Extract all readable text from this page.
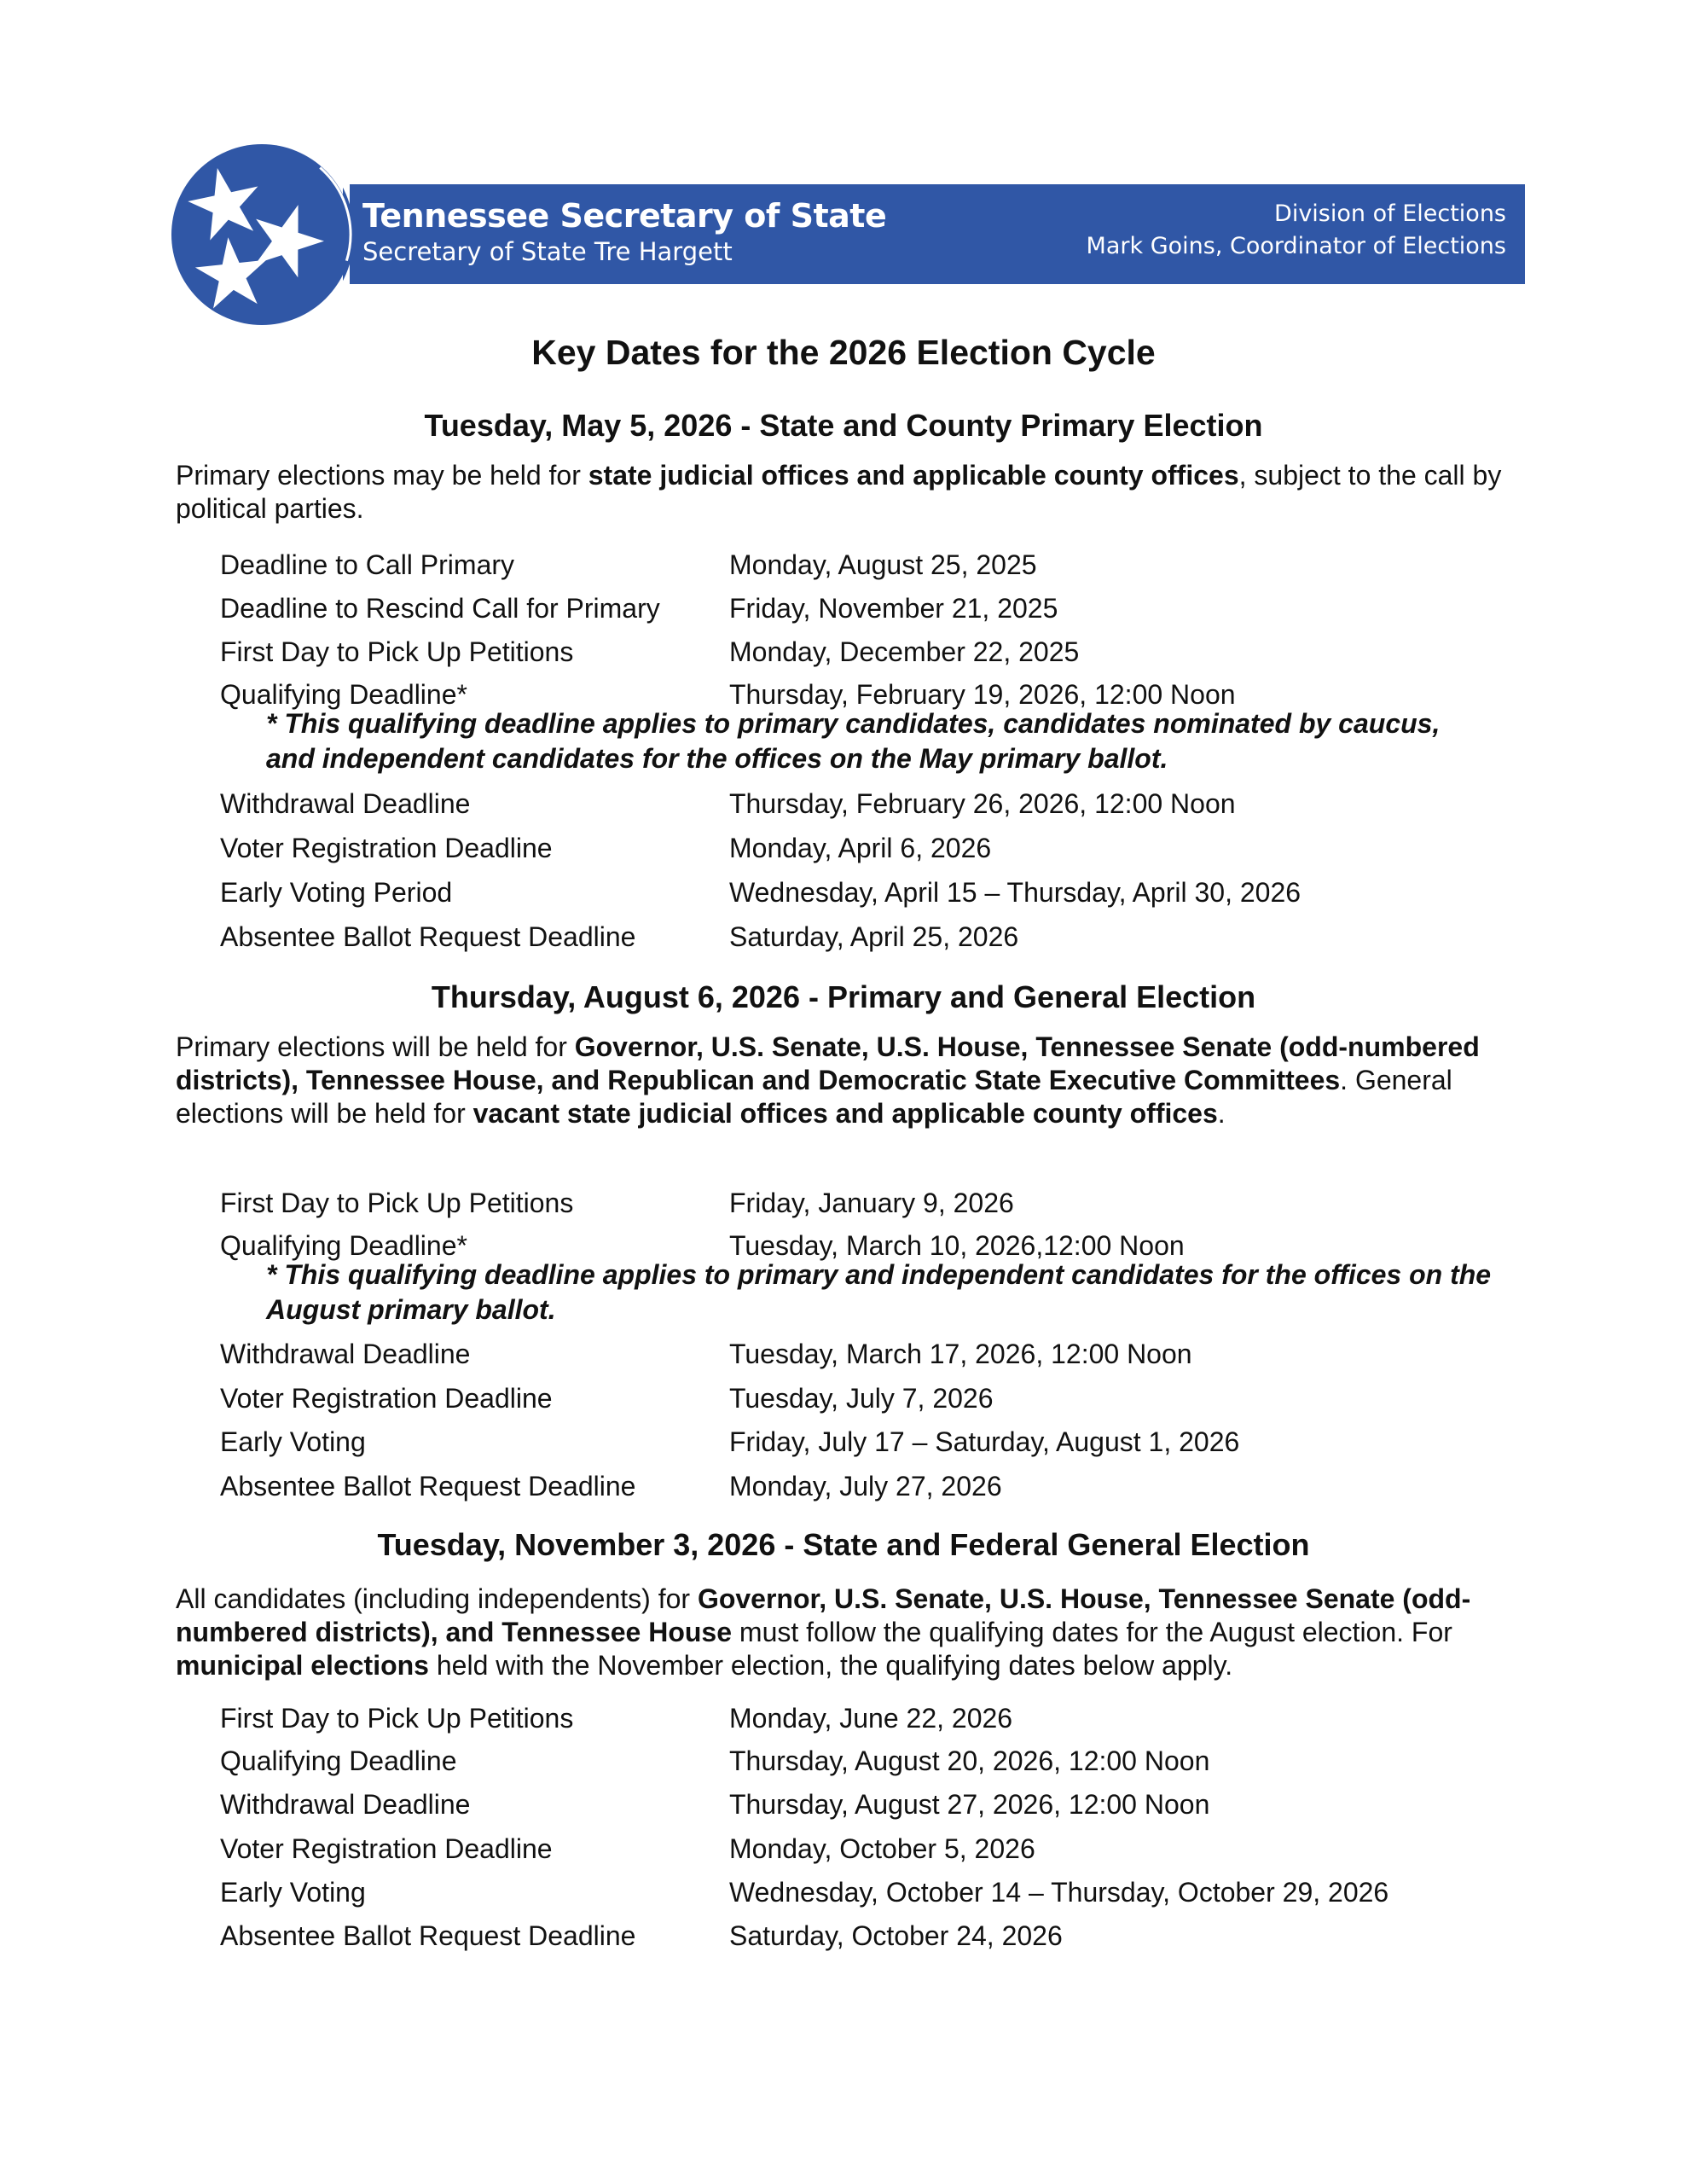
Tennessee Secretary of State
Secretary of State Tre Hargett
Division of Elections
Mark Goins, Coordinator of Elections
Key Dates for the 2026 Election Cycle
Tuesday, May 5, 2026 - State and County Primary Election
Primary elections may be held for state judicial offices and applicable county offices, subject to the call by political parties.
Deadline to Call Primary	Monday, August 25, 2025
Deadline to Rescind Call for Primary	Friday, November 21, 2025
First Day to Pick Up Petitions	Monday, December 22, 2025
Qualifying Deadline*	Thursday, February 19, 2026, 12:00 Noon
Withdrawal Deadline	Thursday, February 26, 2026, 12:00 Noon
Voter Registration Deadline	Monday, April 6, 2026
Early Voting Period	Wednesday, April 15 – Thursday, April 30, 2026
Absentee Ballot Request Deadline	Saturday, April 25, 2026
* This qualifying deadline applies to primary candidates, candidates nominated by caucus, and independent candidates for the offices on the May primary ballot.
Thursday, August 6, 2026 - Primary and General Election
Primary elections will be held for Governor, U.S. Senate, U.S. House, Tennessee Senate (odd-numbered districts), Tennessee House, and Republican and Democratic State Executive Committees. General elections will be held for vacant state judicial offices and applicable county offices.
First Day to Pick Up Petitions	Friday, January 9, 2026
Qualifying Deadline*	Tuesday, March 10, 2026,12:00 Noon
Withdrawal Deadline	Tuesday, March 17, 2026, 12:00 Noon
Voter Registration Deadline	Tuesday, July 7, 2026
Early Voting	Friday, July 17 – Saturday, August 1, 2026
Absentee Ballot Request Deadline	Monday, July 27, 2026
* This qualifying deadline applies to primary and independent candidates for the offices on the August primary ballot.
Tuesday, November 3, 2026 - State and Federal General Election
All candidates (including independents) for Governor, U.S. Senate, U.S. House, Tennessee Senate (odd-numbered districts), and Tennessee House must follow the qualifying dates for the August election. For municipal elections held with the November election, the qualifying dates below apply.
First Day to Pick Up Petitions	Monday, June 22, 2026
Qualifying Deadline	Thursday, August 20, 2026, 12:00 Noon
Withdrawal Deadline	Thursday, August 27, 2026, 12:00 Noon
Voter Registration Deadline	Monday, October 5, 2026
Early Voting	Wednesday, October 14 – Thursday, October 29, 2026
Absentee Ballot Request Deadline	Saturday, October 24, 2026
